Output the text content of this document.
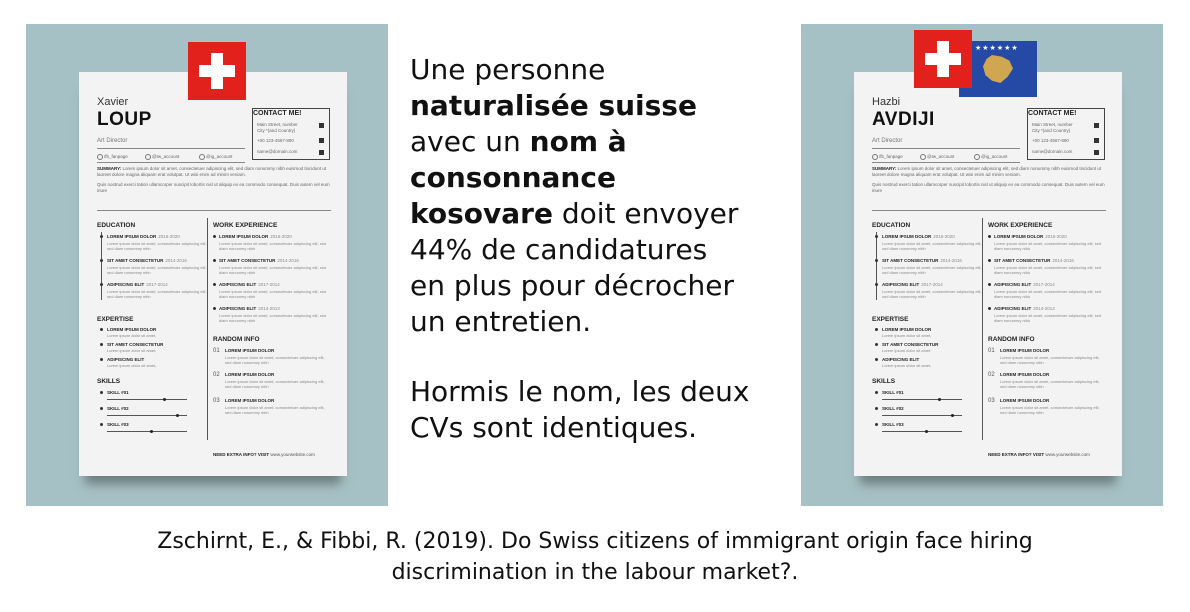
Xavier
LOUP
Art Director
/fb_fanpage	@tw_account	@ig_account
CONTACT ME!
Main Street, number
City *(and Country)
+00 123-4567-890
name@domain.com
SUMMARY: Lorem ipsum dolor sit amet, consectetuer adipiscing elit, sed diam nonummy nibh euismod tincidunt ut laoreet dolore magna aliquam erat volutpat. Ut wisi enim ad minim veniam.

Quis nostrud exerci tation ullamcorper suscipit lobortis nisl ut aliquip ex ea commodo consequat. Duis autem vel eum iriure
EDUCATION
LOREM IPSUM DOLOR 2015-2020
Lorem ipsum dolor sit amet, consectetuer adipiscing elit, sed diam nonummy nibh
SIT AMET CONSECTETUR 2014-2016
Lorem ipsum dolor sit amet, consectetuer adipiscing elit, sed diam nonummy nibh
ADIPISCING ELIT 2017-2014
Lorem ipsum dolor sit amet, consectetuer adipiscing elit, sed diam nonummy nibh
EXPERTISE
LOREM IPSUM DOLOR
Lorem ipsum dolor sit amet,
SIT AMET CONSECTETUR
Lorem ipsum dolor sit amet,
ADIPISCING ELIT
Lorem ipsum dolor sit amet,
SKILLS
SKILL #01
SKILL #02
SKILL #03
WORK EXPERIENCE
LOREM IPSUM DOLOR 2015-2020
Lorem ipsum dolor sit amet, consectetuer adipiscing elit, sed diam nonummy nibh
SIT AMET CONSECTETUR 2014-2016
Lorem ipsum dolor sit amet, consectetuer adipiscing elit, sed diam nonummy nibh
ADIPISCING ELIT 2017-2014
Lorem ipsum dolor sit amet, consectetuer adipiscing elit, sed diam nonummy nibh
ADIPISCING ELIT 2014-2013
Lorem ipsum dolor sit amet, consectetuer adipiscing elit, sed diam nonummy nibh
RANDOM INFO
01 LOREM IPSUM DOLOR
Lorem ipsum dolor sit amet, consectetuer adipiscing elit, sed diam nonummy nibh
02 LOREM IPSUM DOLOR
Lorem ipsum dolor sit amet, consectetuer adipiscing elit, sed diam nonummy nibh
03 LOREM IPSUM DOLOR
Lorem ipsum dolor sit amet, consectetuer adipiscing elit, sed diam nonummy nibh
NEED EXTRA INFO? VISIT www.yourwebsite.com
Une personne
naturalisée suisse
avec un nom à
consonnance
kosovare doit envoyer
44% de candidatures
en plus pour décrocher
un entretien.
Hormis le nom, les deux
CVs sont identiques.
Hazbi
AVDIJI
Art Director
/fb_fanpage	@tw_account	@ig_account
CONTACT ME!
Main Street, number
City *(and Country)
+00 123-4567-890
name@domain.com
SUMMARY: Lorem ipsum dolor sit amet, consectetuer adipiscing elit, sed diam nonummy nibh euismod tincidunt ut laoreet dolore magna aliquam erat volutpat. Ut wisi enim ad minim veniam.

Quis nostrud exerci tation ullamcorper suscipit lobortis nisl ut aliquip ex ea commodo consequat. Duis autem vel eum iriure
EDUCATION
LOREM IPSUM DOLOR 2015-2020
Lorem ipsum dolor sit amet, consectetuer adipiscing elit, sed diam nonummy nibh
SIT AMET CONSECTETUR 2014-2016
Lorem ipsum dolor sit amet, consectetuer adipiscing elit, sed diam nonummy nibh
ADIPISCING ELIT 2017-2014
Lorem ipsum dolor sit amet, consectetuer adipiscing elit, sed diam nonummy nibh
EXPERTISE
LOREM IPSUM DOLOR
Lorem ipsum dolor sit amet,
SIT AMET CONSECTETUR
Lorem ipsum dolor sit amet,
ADIPISCING ELIT
Lorem ipsum dolor sit amet,
SKILLS
SKILL #01
SKILL #02
SKILL #03
WORK EXPERIENCE
LOREM IPSUM DOLOR 2015-2020
Lorem ipsum dolor sit amet, consectetuer adipiscing elit, sed diam nonummy nibh
SIT AMET CONSECTETUR 2014-2016
Lorem ipsum dolor sit amet, consectetuer adipiscing elit, sed diam nonummy nibh
ADIPISCING ELIT 2017-2014
Lorem ipsum dolor sit amet, consectetuer adipiscing elit, sed diam nonummy nibh
ADIPISCING ELIT 2014-2013
Lorem ipsum dolor sit amet, consectetuer adipiscing elit, sed diam nonummy nibh
RANDOM INFO
01 LOREM IPSUM DOLOR
Lorem ipsum dolor sit amet, consectetuer adipiscing elit, sed diam nonummy nibh
02 LOREM IPSUM DOLOR
Lorem ipsum dolor sit amet, consectetuer adipiscing elit, sed diam nonummy nibh
03 LOREM IPSUM DOLOR
Lorem ipsum dolor sit amet, consectetuer adipiscing elit, sed diam nonummy nibh
NEED EXTRA INFO? VISIT www.yourwebsite.com
★★★★★★
Zschirnt, E., & Fibbi, R. (2019). Do Swiss citizens of immigrant origin face hiring
discrimination in the labour market?.
